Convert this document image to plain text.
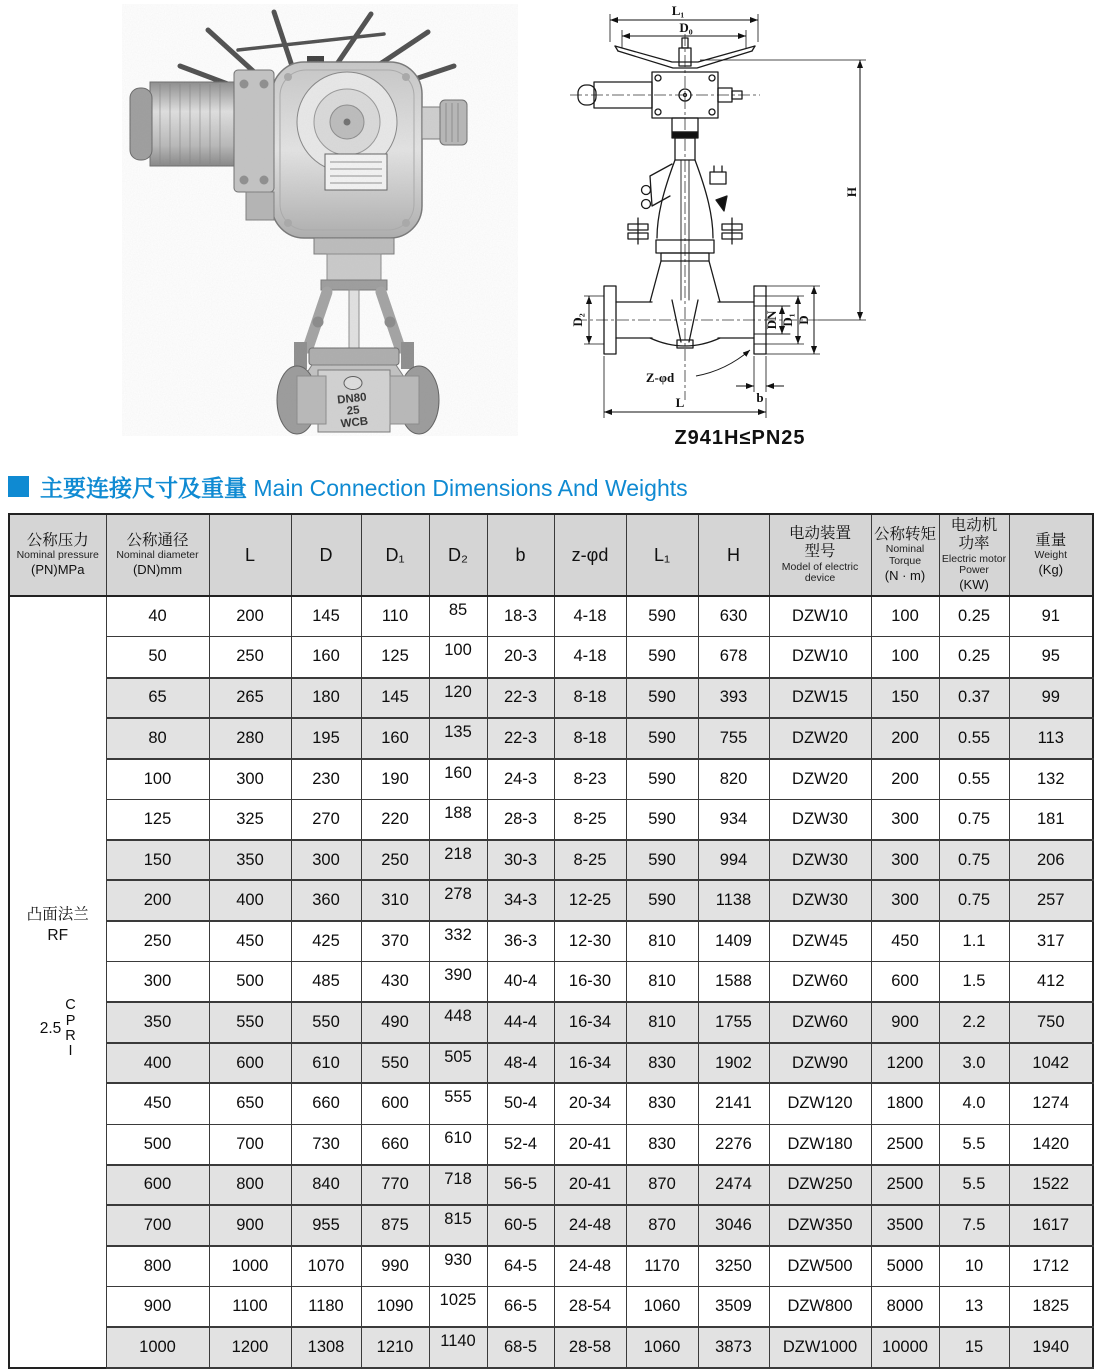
L₁
D₀
H
D₂	DN D₁ D
Z-φd
b
L
Z941H≤PN25
主要连接尺寸及重量 Main Connection Dimensions And Weights
公称压力
Nominal pressure
(PN)MPa

公称通径
Nominal diameter
(DN)mm

L	D	D₁	D₂	b	z-φd	L₁	H

电动装置
型号
Model of electric device

公称转矩
Nominal Torque
(N · m)

电动机
功率
Electric motor Power
(KW)

重量
Weight
(Kg)

凸面法兰
RF
2.5
C
P
R
I
	40	200	145	110	85	18-3	4-18	590	630	DZW10	100	0.25	91
	50	250	160	125	100	20-3	4-18	590	678	DZW10	100	0.25	95
	65	265	180	145	120	22-3	8-18	590	393	DZW15	150	0.37	99
	80	280	195	160	135	22-3	8-18	590	755	DZW20	200	0.55	113
	100	300	230	190	160	24-3	8-23	590	820	DZW20	200	0.55	132
	125	325	270	220	188	28-3	8-25	590	934	DZW30	300	0.75	181
	150	350	300	250	218	30-3	8-25	590	994	DZW30	300	0.75	206
	200	400	360	310	278	34-3	12-25	590	1138	DZW30	300	0.75	257
	250	450	425	370	332	36-3	12-30	810	1409	DZW45	450	1.1	317
	300	500	485	430	390	40-4	16-30	810	1588	DZW60	600	1.5	412
	350	550	550	490	448	44-4	16-34	810	1755	DZW60	900	2.2	750
	400	600	610	550	505	48-4	16-34	830	1902	DZW90	1200	3.0	1042
	450	650	660	600	555	50-4	20-34	830	2141	DZW120	1800	4.0	1274
	500	700	730	660	610	52-4	20-41	830	2276	DZW180	2500	5.5	1420
	600	800	840	770	718	56-5	20-41	870	2474	DZW250	2500	5.5	1522
	700	900	955	875	815	60-5	24-48	870	3046	DZW350	3500	7.5	1617
	800	1000	1070	990	930	64-5	24-48	1170	3250	DZW500	5000	10	1712
	900	1100	1180	1090	1025	66-5	28-54	1060	3509	DZW800	8000	13	1825
	1000	1200	1308	1210	1140	68-5	28-58	1060	3873	DZW1000	10000	15	1940
